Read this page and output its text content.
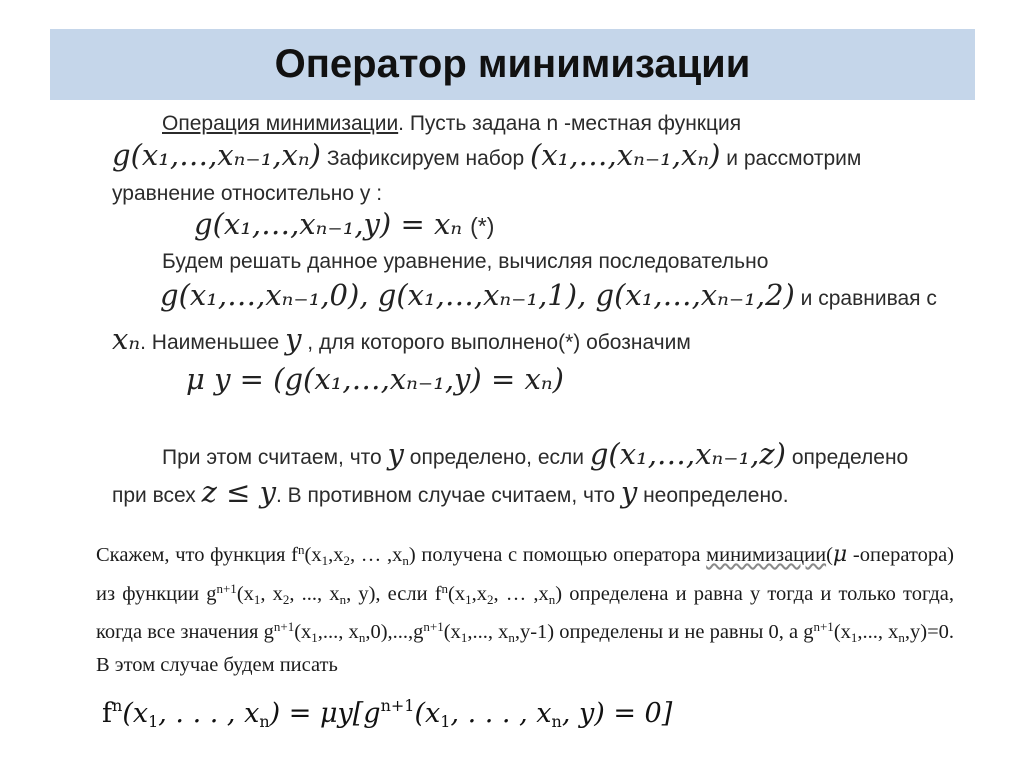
Оператор минимизации
Операция минимизации. Пусть задана n -местная функция
g(x₁,…,xₙ₋₁,xₙ) Зафиксируем набор (x₁,…,xₙ₋₁,xₙ) и рассмотрим
уравнение относительно y :
g(x₁,…,xₙ₋₁,y) = xₙ (*)
Будем решать данное уравнение, вычисляя последовательно
g(x₁,…,xₙ₋₁,0), g(x₁,…,xₙ₋₁,1), g(x₁,…,xₙ₋₁,2) и сравнивая с
xₙ. Наименьшее y , для которого выполнено(*) обозначим
μ y = (g(x₁,…,xₙ₋₁,y) = xₙ)
При этом считаем, что y определено, если g(x₁,…,xₙ₋₁,z) определено
при всех z ≤ y. В противном случае считаем, что y неопределено.
Скажем, что функция $f^n(x_1,x_2$, … $,x_n$) получена с помощью оператора минимизации(μ -оператора) из функции $g^{n+1}(x_1$, $x_2$, ..., $x_n$, y), если $f^n(x_1,x_2$, … $,x_n$) определена и равна y тогда и только тогда, когда все значения $g^{n+1}(x_1$,..., $x_n,0),...,g^{n+1}(x_1$,..., $x_n,y-1$) определены и не равны 0, а $g^{n+1}(x_1$,..., $x_n,y)=0$. В этом случае будем писать
$f^n(x_1$, . . . , $x_n) = \mu y[g^{n+1}(x_1$, . . . , $x_n$, y) = 0]
